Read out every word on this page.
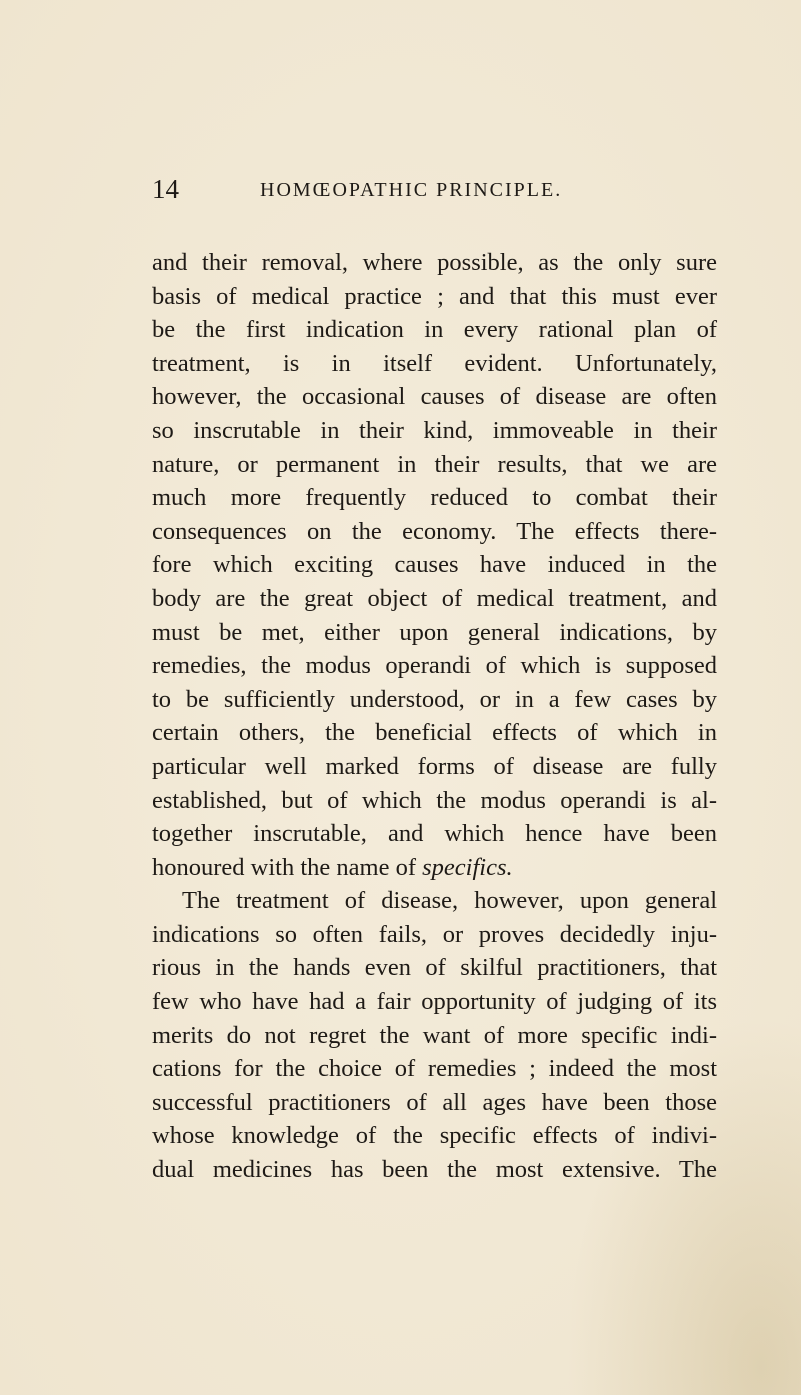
14	HOMŒOPATHIC PRINCIPLE.
and their removal, where possible, as the only sure
basis of medical practice ; and that this must ever
be the first indication in every rational plan of
treatment, is in itself evident. Unfortunately,
however, the occasional causes of disease are often
so inscrutable in their kind, immoveable in their
nature, or permanent in their results, that we are
much more frequently reduced to combat their
consequences on the economy. The effects there-
fore which exciting causes have induced in the
body are the great object of medical treatment, and
must be met, either upon general indications, by
remedies, the modus operandi of which is supposed
to be sufficiently understood, or in a few cases by
certain others, the beneficial effects of which in
particular well marked forms of disease are fully
established, but of which the modus operandi is al-
together inscrutable, and which hence have been
honoured with the name of specifics.
The treatment of disease, however, upon general
indications so often fails, or proves decidedly inju-
rious in the hands even of skilful practitioners, that
few who have had a fair opportunity of judging of its
merits do not regret the want of more specific indi-
cations for the choice of remedies ; indeed the most
successful practitioners of all ages have been those
whose knowledge of the specific effects of indivi-
dual medicines has been the most extensive. The
